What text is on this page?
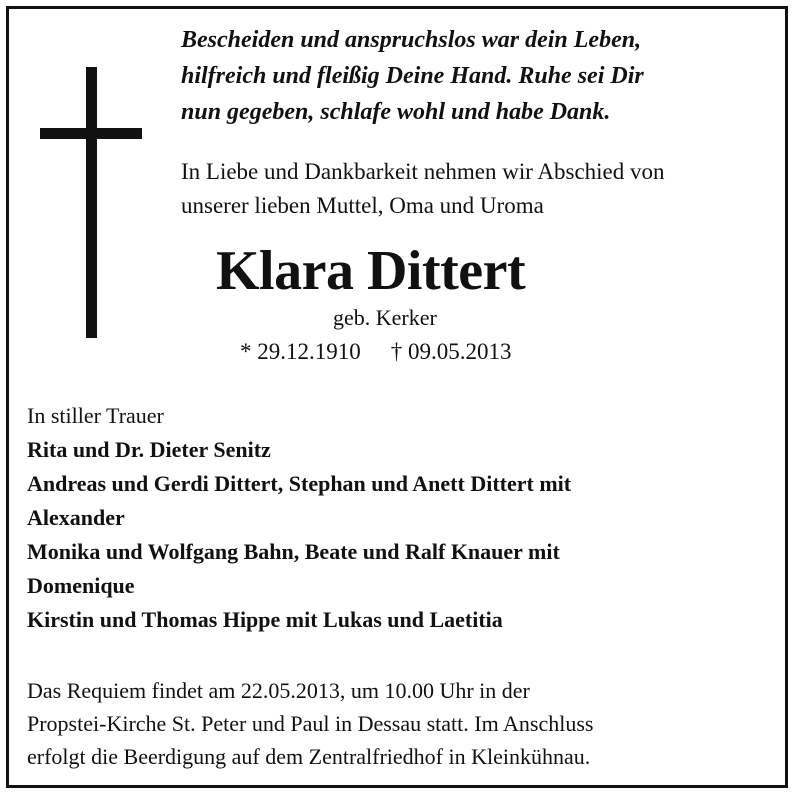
Bescheiden und anspruchslos war dein Leben,
hilfreich und fleißig Deine Hand. Ruhe sei Dir
nun gegeben, schlafe wohl und habe Dank.
In Liebe und Dankbarkeit nehmen wir Abschied von
unserer lieben Muttel, Oma und Uroma
Klara Dittert
geb. Kerker
* 29.12.1910 † 09.05.2013
In stiller Trauer
Rita und Dr. Dieter Senitz
Andreas und Gerdi Dittert, Stephan und Anett Dittert mit
Alexander
Monika und Wolfgang Bahn, Beate und Ralf Knauer mit
Domenique
Kirstin und Thomas Hippe mit Lukas und Laetitia
Das Requiem findet am 22.05.2013, um 10.00 Uhr in der
Propstei-Kirche St. Peter und Paul in Dessau statt. Im Anschluss
erfolgt die Beerdigung auf dem Zentralfriedhof in Kleinkühnau.
